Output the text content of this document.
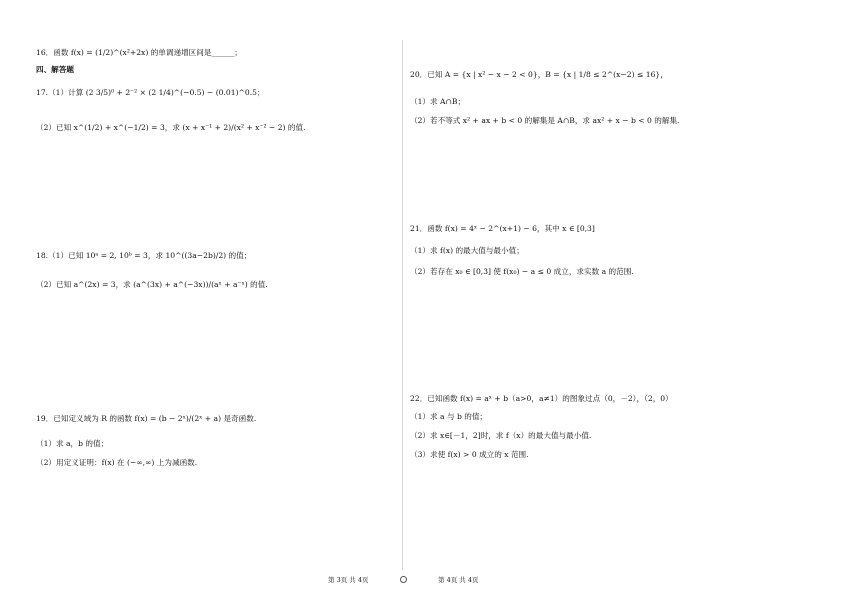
16．函数 f(x) = (1/2)^(x²+2x) 的单调递增区间是______；
四、解答题
17.（1）计算 (2 3/5)⁰ + 2⁻² × (2 1/4)^(−0.5) − (0.01)^0.5；
（2）已知 x^(1/2) + x^(−1/2) = 3，求 (x + x⁻¹ + 2)/(x² + x⁻² − 2) 的值.
18.（1）已知 10ᵃ = 2, 10ᵇ = 3，求 10^((3a−2b)/2) 的值；
（2）已知 a^(2x) = 3，求 (a^(3x) + a^(−3x))/(aˣ + a⁻ˣ) 的值.
19．已知定义域为 R 的函数 f(x) = (b − 2ˣ)/(2ˣ + a) 是奇函数.
（1）求 a，b 的值；
（2）用定义证明：f(x) 在 (−∞,∞) 上为减函数.
20．已知 A = {x | x² − x − 2 < 0}，B = {x | 1/8 ≤ 2^(x−2) ≤ 16}，
（1）求 A∩B；
（2）若不等式 x² + ax + b < 0 的解集是 A∩B，求 ax² + x − b < 0 的解集.
21．函数 f(x) = 4ˣ − 2^(x+1) − 6，其中 x ∈ [0,3]
（1）求 f(x) 的最大值与最小值；
（2）若存在 x₀ ∈ [0,3] 使 f(x₀) − a ≤ 0 成立，求实数 a 的范围.
22．已知函数 f(x) = aˣ + b（a>0，a≠1）的图象过点（0，－2），（2，0）
（1）求 a 与 b 的值；
（2）求 x∈[－1，2]时，求 f（x）的最大值与最小值.
（3）求使 f(x) > 0 成立的 x 范围.
第 3页 共 4页	第 4页 共 4页
